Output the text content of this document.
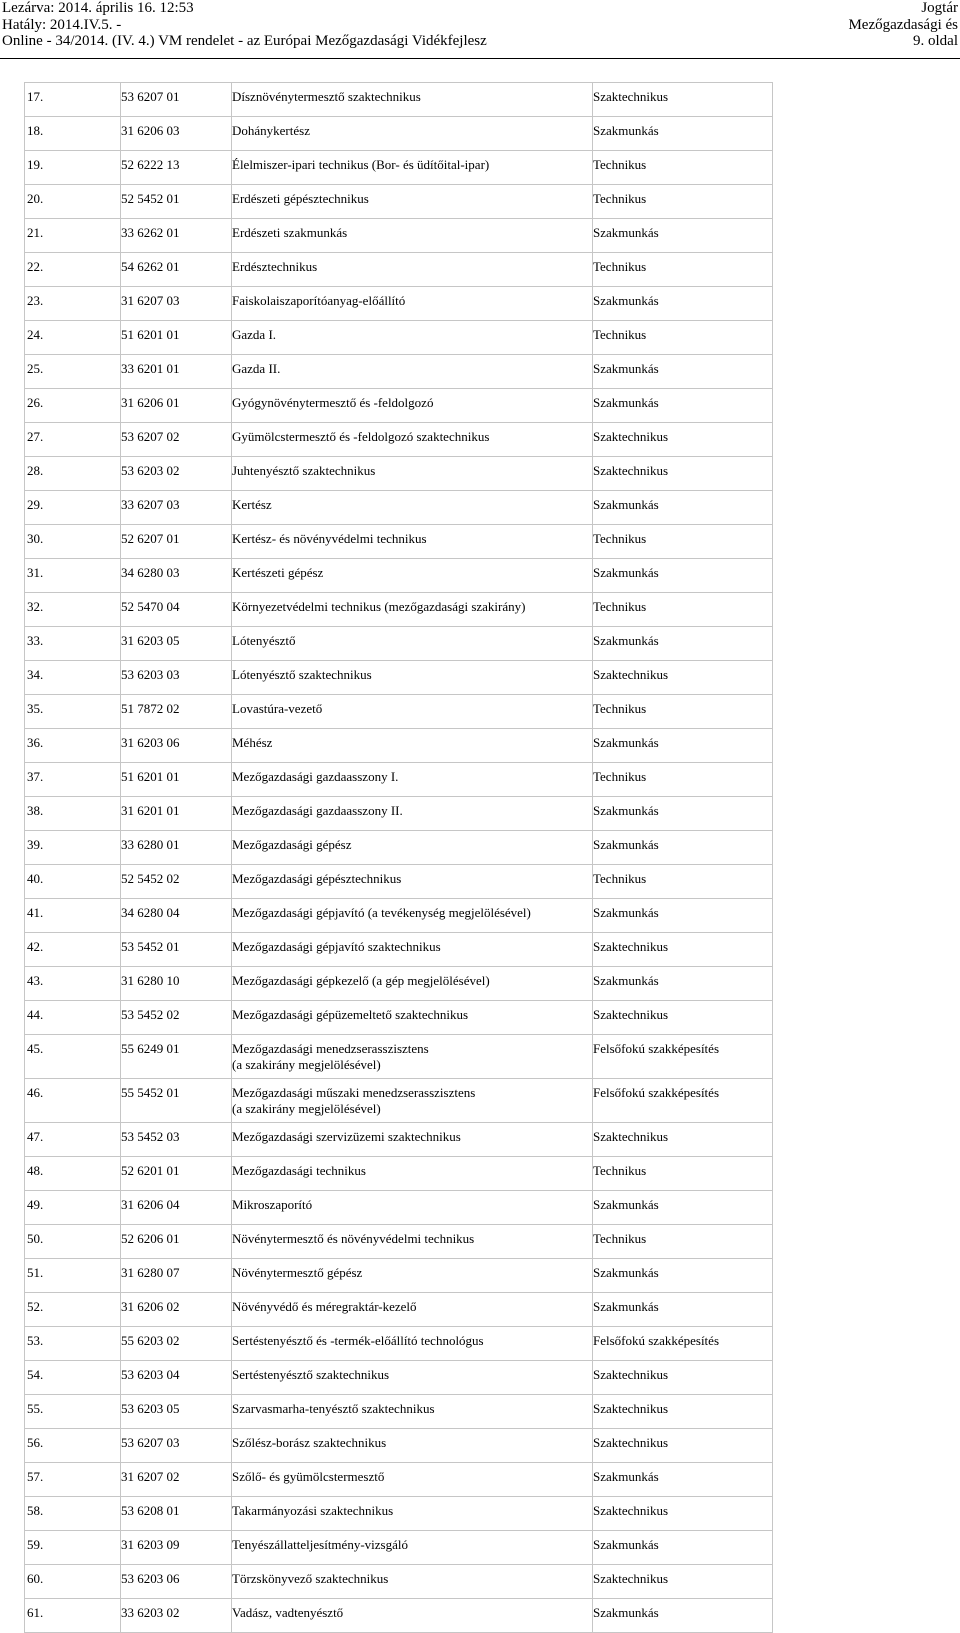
Lezárva: 2014. április 16. 12:53
Hatály: 2014.IV.5. -
Online - 34/2014. (IV. 4.) VM rendelet - az Európai Mezőgazdasági Vidékfejlesz
Jogtár
Mezőgazdasági és
9. oldal
17.	53 6207 01	Dísznövénytermesztő szaktechnikus	Szaktechnikus

18.	31 6206 03	Dohánykertész	Szakmunkás

19.	52 6222 13	Élelmiszer-ipari technikus (Bor- és üdítőital-ipar)	Technikus

20.	52 5452 01	Erdészeti gépésztechnikus	Technikus

21.	33 6262 01	Erdészeti szakmunkás	Szakmunkás

22.	54 6262 01	Erdésztechnikus	Technikus

23.	31 6207 03	Faiskolaiszaporítóanyag-előállító	Szakmunkás

24.	51 6201 01	Gazda I.	Technikus

25.	33 6201 01	Gazda II.	Szakmunkás

26.	31 6206 01	Gyógynövénytermesztő és -feldolgozó	Szakmunkás

27.	53 6207 02	Gyümölcstermesztő és -feldolgozó szaktechnikus	Szaktechnikus

28.	53 6203 02	Juhtenyésztő szaktechnikus	Szaktechnikus

29.	33 6207 03	Kertész	Szakmunkás

30.	52 6207 01	Kertész- és növényvédelmi technikus	Technikus

31.	34 6280 03	Kertészeti gépész	Szakmunkás

32.	52 5470 04	Környezetvédelmi technikus (mezőgazdasági szakirány)	Technikus

33.	31 6203 05	Lótenyésztő	Szakmunkás

34.	53 6203 03	Lótenyésztő szaktechnikus	Szaktechnikus

35.	51 7872 02	Lovastúra-vezető	Technikus

36.	31 6203 06	Méhész	Szakmunkás

37.	51 6201 01	Mezőgazdasági gazdaasszony I.	Technikus

38.	31 6201 01	Mezőgazdasági gazdaasszony II.	Szakmunkás

39.	33 6280 01	Mezőgazdasági gépész	Szakmunkás

40.	52 5452 02	Mezőgazdasági gépésztechnikus	Technikus

41.	34 6280 04	Mezőgazdasági gépjavító (a tevékenység megjelölésével)	Szakmunkás

42.	53 5452 01	Mezőgazdasági gépjavító szaktechnikus	Szaktechnikus

43.	31 6280 10	Mezőgazdasági gépkezelő (a gép megjelölésével)	Szakmunkás

44.	53 5452 02	Mezőgazdasági gépüzemeltető szaktechnikus	Szaktechnikus

45.	55 6249 01	Mezőgazdasági menedzserasszisztens
(a szakirány megjelölésével)	Felsőfokú szakképesítés

46.	55 5452 01	Mezőgazdasági műszaki menedzserasszisztens
(a szakirány megjelölésével)	Felsőfokú szakképesítés

47.	53 5452 03	Mezőgazdasági szervizüzemi szaktechnikus	Szaktechnikus

48.	52 6201 01	Mezőgazdasági technikus	Technikus

49.	31 6206 04	Mikroszaporító	Szakmunkás

50.	52 6206 01	Növénytermesztő és növényvédelmi technikus	Technikus

51.	31 6280 07	Növénytermesztő gépész	Szakmunkás

52.	31 6206 02	Növényvédő és méregraktár-kezelő	Szakmunkás

53.	55 6203 02	Sertéstenyésztő és -termék-előállító technológus	Felsőfokú szakképesítés

54.	53 6203 04	Sertéstenyésztő szaktechnikus	Szaktechnikus

55.	53 6203 05	Szarvasmarha-tenyésztő szaktechnikus	Szaktechnikus

56.	53 6207 03	Szőlész-borász szaktechnikus	Szaktechnikus

57.	31 6207 02	Szőlő- és gyümölcstermesztő	Szakmunkás

58.	53 6208 01	Takarmányozási szaktechnikus	Szaktechnikus

59.	31 6203 09	Tenyészállatteljesítmény-vizsgáló	Szakmunkás

60.	53 6203 06	Törzskönyvező szaktechnikus	Szaktechnikus

61.	33 6203 02	Vadász, vadtenyésztő	Szakmunkás
